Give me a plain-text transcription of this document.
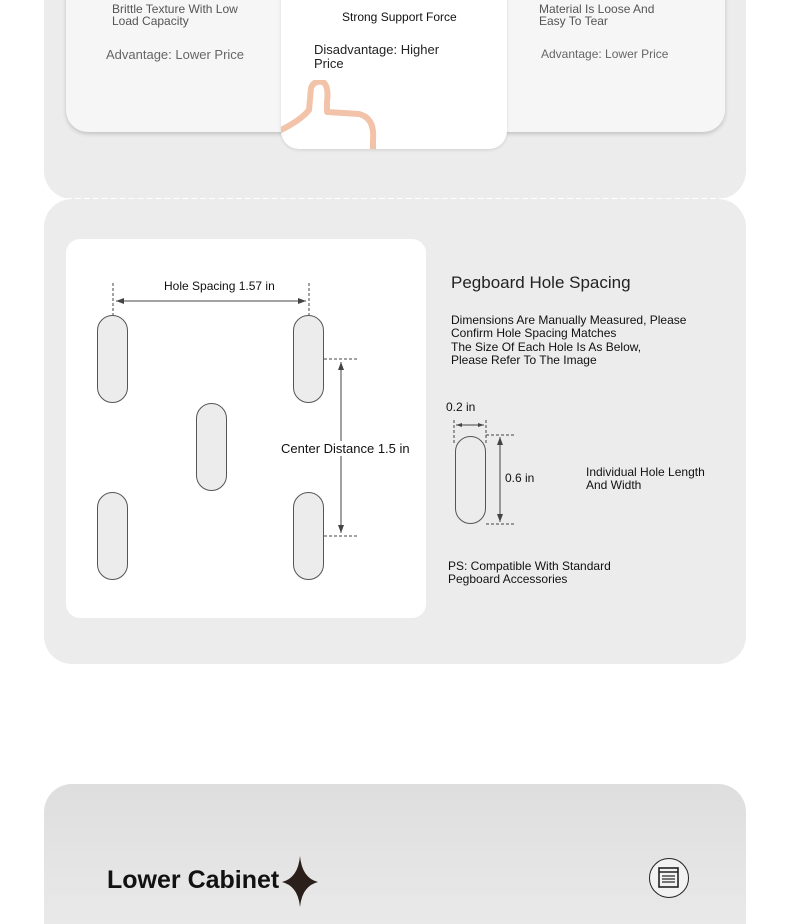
Brittle Texture With Low Load Capacity
Advantage: Lower Price
Strong Support Force
Disadvantage: Higher Price
Material Is Loose And Easy To Tear
Advantage: Lower Price
Hole Spacing 1.57 in
Center Distance 1.5 in
Pegboard Hole Spacing
Dimensions Are Manually Measured, Please
Confirm Hole Spacing Matches
The Size Of Each Hole Is As Below,
Please Refer To The Image
0.2 in
0.6 in	Individual Hole Length
And Width
PS: Compatible With Standard
Pegboard Accessories
Lower Cabinet
